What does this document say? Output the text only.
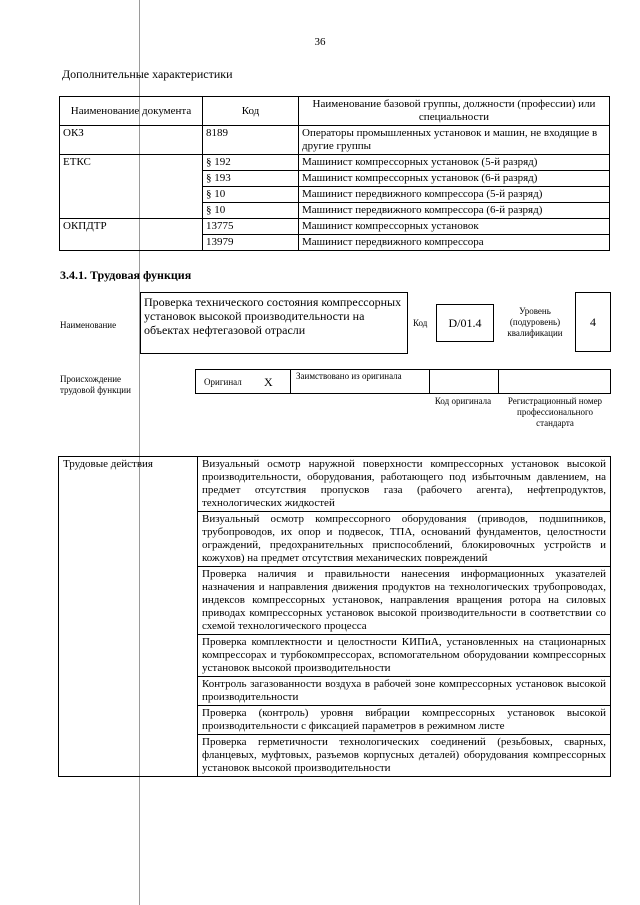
36
Дополнительные характеристики
Наименование документа	Код	Наименование базовой группы, должности (профессии) или специальности
ОКЗ	8189	Операторы промышленных установок и машин, не входящие в другие группы
ЕТКС	§ 192	Машинист компрессорных установок (5-й разряд)
	§ 193	Машинист компрессорных установок (6-й разряд)
	§ 10	Машинист передвижного компрессора (5-й разряд)
	§ 10	Машинист передвижного компрессора (6-й разряд)
ОКПДТР	13775	Машинист компрессорных установок
	13979	Машинист передвижного компрессора
3.4.1. Трудовая функция
Наименование
Проверка технического состояния компрессорных установок высокой производительности на объектах нефтегазовой отрасли	Код	D/01.4
Уровень (подуровень) квалификации
4
Происхождение трудовой функции
Оригинал X	Заимствовано из оригинала
Код оригинала	Регистрационный номер профессионального стандарта
Трудовые действия	Визуальный осмотр наружной поверхности компрессорных установок высокой производительности, оборудования, работающего под избыточным давлением, на предмет отсутствия пропусков газа (рабочего агента), нефтепродуктов, технологических жидкостей
Визуальный осмотр компрессорного оборудования (приводов, подшипников, трубопроводов, их опор и подвесок, ТПА, оснований фундаментов, целостности ограждений, предохранительных приспособлений, блокировочных устройств и кожухов) на предмет отсутствия механических повреждений
Проверка наличия и правильности нанесения информационных указателей назначения и направления движения продуктов на технологических трубопроводах, индексов компрессорных установок, направления вращения ротора на силовых приводах компрессорных установок высокой производительности в соответствии со схемой технологического процесса
Проверка комплектности и целостности КИПиА, установленных на стационарных компрессорах и турбокомпрессорах, вспомогательном оборудовании компрессорных установок высокой производительности
Контроль загазованности воздуха в рабочей зоне компрессорных установок высокой производительности
Проверка (контроль) уровня вибрации компрессорных установок высокой производительности с фиксацией параметров в режимном листе
Проверка герметичности технологических соединений (резьбовых, сварных, фланцевых, муфтовых, разъемов корпусных деталей) оборудования компрессорных установок высокой производительности
